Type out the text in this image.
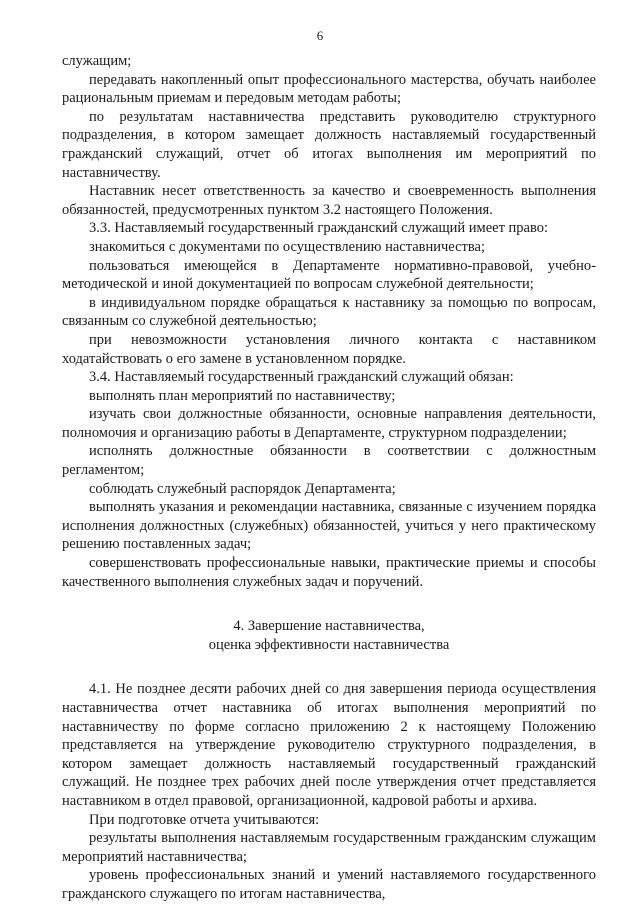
6

служащим;

передавать накопленный опыт профессионального мастерства, обучать наиболее рациональным приемам и передовым методам работы;

по результатам наставничества представить руководителю структурного подразделения, в котором замещает должность наставляемый государственный гражданский служащий, отчет об итогах выполнения им мероприятий по наставничеству.

Наставник несет ответственность за качество и своевременность выполнения обязанностей, предусмотренных пунктом 3.2 настоящего Положения.

3.3. Наставляемый государственный гражданский служащий имеет право:

знакомиться с документами по осуществлению наставничества;

пользоваться имеющейся в Департаменте нормативно-правовой, учебно-методической и иной документацией по вопросам служебной деятельности;

в индивидуальном порядке обращаться к наставнику за помощью по вопросам, связанным со служебной деятельностью;

при невозможности установления личного контакта с наставником ходатайствовать о его замене в установленном порядке.

3.4. Наставляемый государственный гражданский служащий обязан:

выполнять план мероприятий по наставничеству;

изучать свои должностные обязанности, основные направления деятельности, полномочия и организацию работы в Департаменте, структурном подразделении;

исполнять должностные обязанности в соответствии с должностным регламентом;

соблюдать служебный распорядок Департамента;

выполнять указания и рекомендации наставника, связанные с изучением порядка исполнения должностных (служебных) обязанностей, учиться у него практическому решению поставленных задач;

совершенствовать профессиональные навыки, практические приемы и способы качественного выполнения служебных задач и поручений.

4. Завершение наставничества,
оценка эффективности наставничества

4.1. Не позднее десяти рабочих дней со дня завершения периода осуществления наставничества отчет наставника об итогах выполнения мероприятий по наставничеству по форме согласно приложению 2 к настоящему Положению представляется на утверждение руководителю структурного подразделения, в котором замещает должность наставляемый государственный гражданский служащий. Не позднее трех рабочих дней после утверждения отчет представляется наставником в отдел правовой, организационной, кадровой работы и архива.

При подготовке отчета учитываются:

результаты выполнения наставляемым государственным гражданским служащим мероприятий наставничества;

уровень профессиональных знаний и умений наставляемого государственного гражданского служащего по итогам наставничества,
